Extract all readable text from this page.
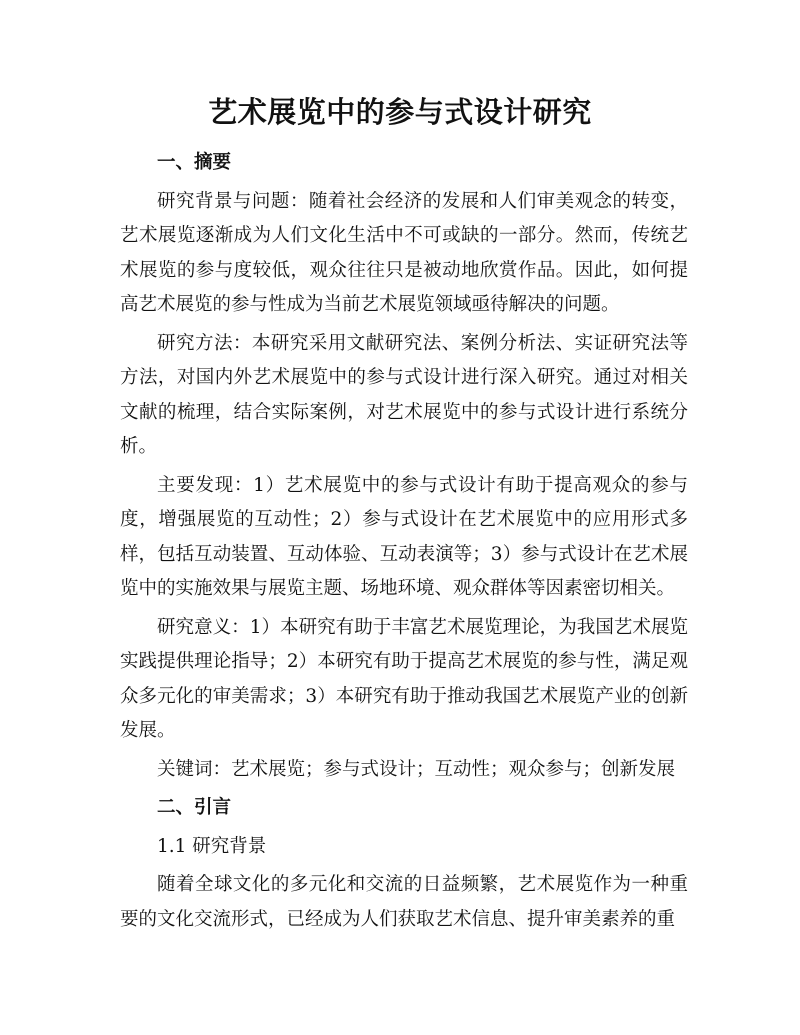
艺术展览中的参与式设计研究

一、摘要

研究背景与问题：随着社会经济的发展和人们审美观念的转变，艺术展览逐渐成为人们文化生活中不可或缺的一部分。然而，传统艺术展览的参与度较低，观众往往只是被动地欣赏作品。因此，如何提高艺术展览的参与性成为当前艺术展览领域亟待解决的问题。

研究方法：本研究采用文献研究法、案例分析法、实证研究法等方法，对国内外艺术展览中的参与式设计进行深入研究。通过对相关文献的梳理，结合实际案例，对艺术展览中的参与式设计进行系统分析。

主要发现：1）艺术展览中的参与式设计有助于提高观众的参与度，增强展览的互动性；2）参与式设计在艺术展览中的应用形式多样，包括互动装置、互动体验、互动表演等；3）参与式设计在艺术展览中的实施效果与展览主题、场地环境、观众群体等因素密切相关。

研究意义：1）本研究有助于丰富艺术展览理论，为我国艺术展览实践提供理论指导；2）本研究有助于提高艺术展览的参与性，满足观众多元化的审美需求；3）本研究有助于推动我国艺术展览产业的创新发展。

关键词：艺术展览；参与式设计；互动性；观众参与；创新发展

二、引言

1.1 研究背景

随着全球文化的多元化和交流的日益频繁，艺术展览作为一种重要的文化交流形式，已经成为人们获取艺术信息、提升审美素养的重
